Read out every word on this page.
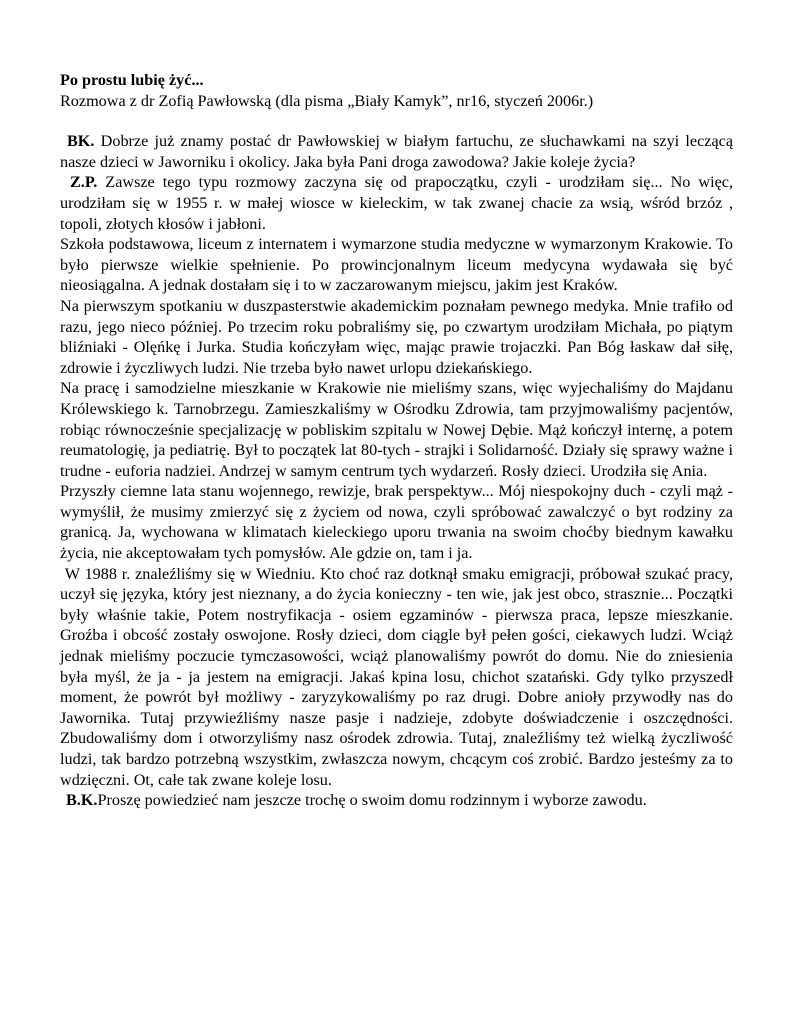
Po prostu lubię żyć...
Rozmowa z dr Zofią Pawłowską (dla pisma „Biały Kamyk”, nr16, styczeń 2006r.)

BK. Dobrze już znamy postać dr Pawłowskiej w białym fartuchu, ze słuchawkami na szyi leczącą nasze dzieci w Jaworniku i okolicy. Jaka była Pani droga zawodowa? Jakie koleje życia?

Z.P. Zawsze tego typu rozmowy zaczyna się od prapoczątku, czyli - urodziłam się... No więc, urodziłam się w 1955 r. w małej wiosce w kieleckim, w tak zwanej chacie za wsią, wśród brzóz , topoli, złotych kłosów i jabłoni.

Szkoła podstawowa, liceum z internatem i wymarzone studia medyczne w wymarzonym Krakowie. To było pierwsze wielkie spełnienie. Po prowincjonalnym liceum medycyna wydawała się być nieosiągalna. A jednak dostałam się i to w zaczarowanym miejscu, jakim jest Kraków.

Na pierwszym spotkaniu w duszpasterstwie akademickim poznałam pewnego medyka. Mnie trafiło od razu, jego nieco później. Po trzecim roku pobraliśmy się, po czwartym urodziłam Michała, po piątym bliźniaki - Olęńkę i Jurka. Studia kończyłam więc, mając prawie trojaczki. Pan Bóg łaskaw dał siłę, zdrowie i życzliwych ludzi. Nie trzeba było nawet urlopu dziekańskiego.

Na pracę i samodzielne mieszkanie w Krakowie nie mieliśmy szans, więc wyjechaliśmy do Majdanu Królewskiego k. Tarnobrzegu. Zamieszkaliśmy w Ośrodku Zdrowia, tam przyjmowaliśmy pacjentów, robiąc równocześnie specjalizację w pobliskim szpitalu w Nowej Dębie. Mąż kończył internę, a potem reumatologię, ja pediatrię. Był to początek lat 80-tych - strajki i Solidarność. Działy się sprawy ważne i trudne - euforia nadziei. Andrzej w samym centrum tych wydarzeń. Rosły dzieci. Urodziła się Ania.

Przyszły ciemne lata stanu wojennego, rewizje, brak perspektyw... Mój niespokojny duch - czyli mąż - wymyślił, że musimy zmierzyć się z życiem od nowa, czyli spróbować zawalczyć o byt rodziny za granicą. Ja, wychowana w klimatach kieleckiego uporu trwania na swoim choćby biednym kawałku życia, nie akceptowałam tych pomysłów. Ale gdzie on, tam i ja.

W 1988 r. znaleźliśmy się w Wiedniu. Kto choć raz dotknął smaku emigracji, próbował szukać pracy, uczył się języka, który jest nieznany, a do życia konieczny - ten wie, jak jest obco, strasznie... Początki były właśnie takie, Potem nostryfikacja - osiem egzaminów - pierwsza praca, lepsze mieszkanie. Groźba i obcość zostały oswojone. Rosły dzieci, dom ciągle był pełen gości, ciekawych ludzi. Wciąż jednak mieliśmy poczucie tymczasowości, wciąż planowaliśmy powrót do domu. Nie do zniesienia była myśl, że ja - ja jestem na emigracji. Jakaś kpina losu, chichot szatański. Gdy tylko przyszedł moment, że powrót był możliwy - zaryzykowaliśmy po raz drugi. Dobre anioły przywodły nas do Jawornika. Tutaj przywieźliśmy nasze pasje i nadzieje, zdobyte doświadczenie i oszczędności. Zbudowaliśmy dom i otworzyliśmy nasz ośrodek zdrowia. Tutaj, znaleźliśmy też wielką życzliwość ludzi, tak bardzo potrzebną wszystkim, zwłaszcza nowym, chcącym coś zrobić. Bardzo jesteśmy za to wdzięczni. Ot, całe tak zwane koleje losu.

B.K.Proszę powiedzieć nam jeszcze trochę o swoim domu rodzinnym i wyborze zawodu.
